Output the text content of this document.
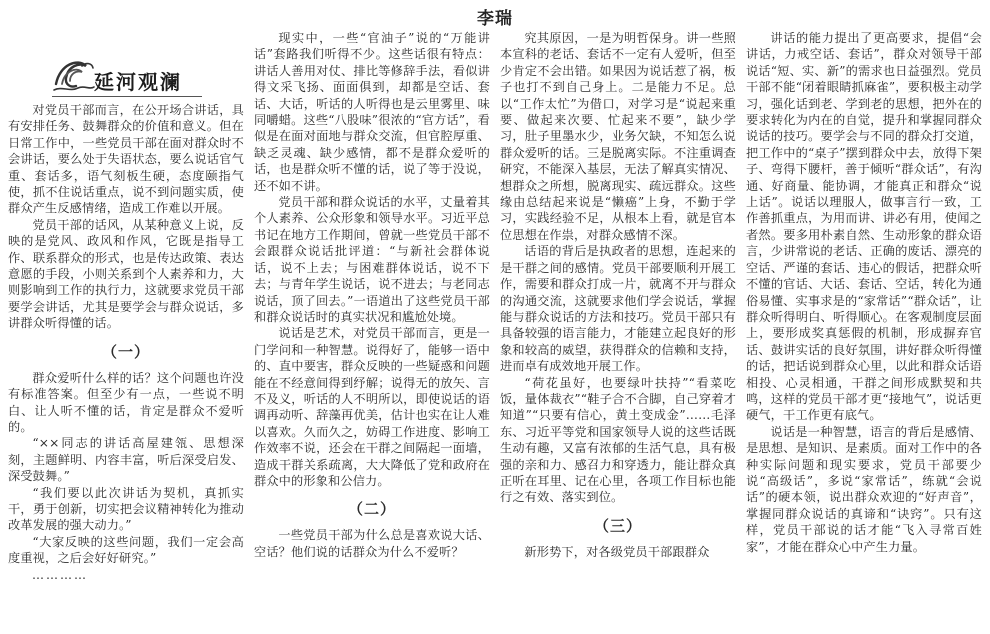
李瑞
延河观澜

对党员干部而言，在公开场合讲话，具有安排任务、鼓舞群众的价值和意义。但在日常工作中，一些党员干部在面对群众时不会讲话，要么处于失语状态，要么说话官气重、套话多，语气刻板生硬，态度颐指气使，抓不住说话重点，说不到问题实质，使群众产生反感情绪，造成工作难以开展。

党员干部的话风，从某种意义上说，反映的是党风、政风和作风，它既是指导工作、联系群众的形式，也是传达政策、表达意愿的手段，小则关系到个人素养和力，大则影响到工作的执行力，这就要求党员干部要学会讲话，尤其是要学会与群众说话，多讲群众听得懂的话。

（一）

群众爱听什么样的话？这个问题也许没有标准答案。但至少有一点，一些说不明白、让人听不懂的话，肯定是群众不爱听的。

“××同志的讲话高屋建瓴、思想深刻，主题鲜明、内容丰富，听后深受启发、深受鼓舞。”

“我们要以此次讲话为契机，真抓实干，勇于创新，切实把会议精神转化为推动改革发展的强大动力。”

“大家反映的这些问题，我们一定会高度重视，之后会好好研究。”

…………

现实中，一些“官油子”说的“万能讲话”套路我们听得不少。这些话很有特点：讲话人善用对仗、排比等修辞手法，看似讲得文采飞扬、面面俱到，却都是空话、套话、大话，听话的人听得也是云里雾里、味同嚼蜡。这些“八股味”很浓的“官方话”，看似是在面对面地与群众交流，但官腔厚重、缺乏灵魂、缺少感情，都不是群众爱听的话，也是群众听不懂的话，说了等于没说，还不如不讲。

党员干部和群众说话的水平，丈量着其个人素养、公众形象和领导水平。习近平总书记在地方工作期间，曾就一些党员干部不会跟群众说话批评道：“与新社会群体说话，说不上去；与困难群体说话，说不下去；与青年学生说话，说不进去；与老同志说话，顶了回去。”一语道出了这些党员干部和群众说话时的真实状况和尴尬处境。

说话是艺术，对党员干部而言，更是一门学问和一种智慧。说得好了，能够一语中的、直中要害，群众反映的一些疑惑和问题能在不经意间得到纾解；说得无的放矢、言不及义，听话的人不明所以，即使说话的语调再动听、辞藻再优美，估计也实在让人难以喜欢。久而久之，妨碍工作进度、影响工作效率不说，还会在干群之间隔起一面墙，造成干群关系疏离，大大降低了党和政府在群众中的形象和公信力。

（二）

一些党员干部为什么总是喜欢说大话、空话？他们说的话群众为什么不爱听？

究其原因，一是为明哲保身。讲一些照本宣科的老话、套话不一定有人爱听，但至少肯定不会出错。如果因为说话惹了祸，板子也打不到自己身上。二是能力不足。总以“工作太忙”为借口，对学习是“说起来重要、做起来次要、忙起来不要”，缺少学习，肚子里墨水少，业务欠缺，不知怎么说群众爱听的话。三是脱离实际。不注重调查研究，不能深入基层，无法了解真实情况、想群众之所想，脱离现实、疏远群众。这些缘由总结起来说是“懒癌”上身，不勤于学习，实践经验不足，从根本上看，就是官本位思想在作祟，对群众感情不深。

话语的背后是执政者的思想，连起来的是干群之间的感情。党员干部要顺利开展工作，需要和群众打成一片，就离不开与群众的沟通交流，这就要求他们学会说话，掌握能与群众说话的方法和技巧。党员干部只有具备较强的语言能力，才能建立起良好的形象和较高的威望，获得群众的信赖和支持，进而卓有成效地开展工作。

“荷花虽好，也要绿叶扶持”“看菜吃饭，量体裁衣”“鞋子合不合脚，自己穿着才知道”“只要有信心，黄土变成金”……毛泽东、习近平等党和国家领导人说的这些话既生动有趣，又富有浓郁的生活气息，具有极强的亲和力、感召力和穿透力，能让群众真正听在耳里、记在心里，各项工作目标也能行之有效、落实到位。

（三）

新形势下，对各级党员干部跟群众

讲话的能力提出了更高要求，提倡“会讲话，力戒空话、套话”，群众对领导干部说话“短、实、新”的需求也日益强烈。党员干部不能“闭着眼睛抓麻雀”，要积极主动学习，强化话到老、学到老的思想，把外在的要求转化为内在的自觉，提升和掌握同群众说话的技巧。要学会与不同的群众打交道，把工作中的“桌子”摆到群众中去，放得下架子、弯得下腰杆，善于倾听“群众话”，有沟通、好商量、能协调，才能真正和群众“说上话”。说话以理服人，做事言行一致，工作善抓重点，为用而讲、讲必有用，使闻之者然。要多用朴素自然、生动形象的群众语言，少讲常说的老话、正确的废话、漂亮的空话、严谨的套话、违心的假话，把群众听不懂的官话、大话、套话、空话，转化为通俗易懂、实事求是的“家常话”“群众话”，让群众听得明白、听得顺心。在客观制度层面上，要形成奖真惩假的机制，形成摒弃官话、鼓讲实话的良好氛围，讲好群众听得懂的话，把话说到群众心里，以此和群众话语相投、心灵相通，干群之间形成默契和共鸣，这样的党员干部才更“接地气”，说话更硬气，干工作更有底气。

说话是一种智慧，语言的背后是感情、是思想、是知识、是素质。面对工作中的各种实际问题和现实要求，党员干部要少说“高级话”，多说“家常话”，练就“会说话”的硬本领，说出群众欢迎的“好声音”，掌握同群众说话的真谛和“诀窍”。只有这样，党员干部说的话才能“飞入寻常百姓家”，才能在群众心中产生力量。
